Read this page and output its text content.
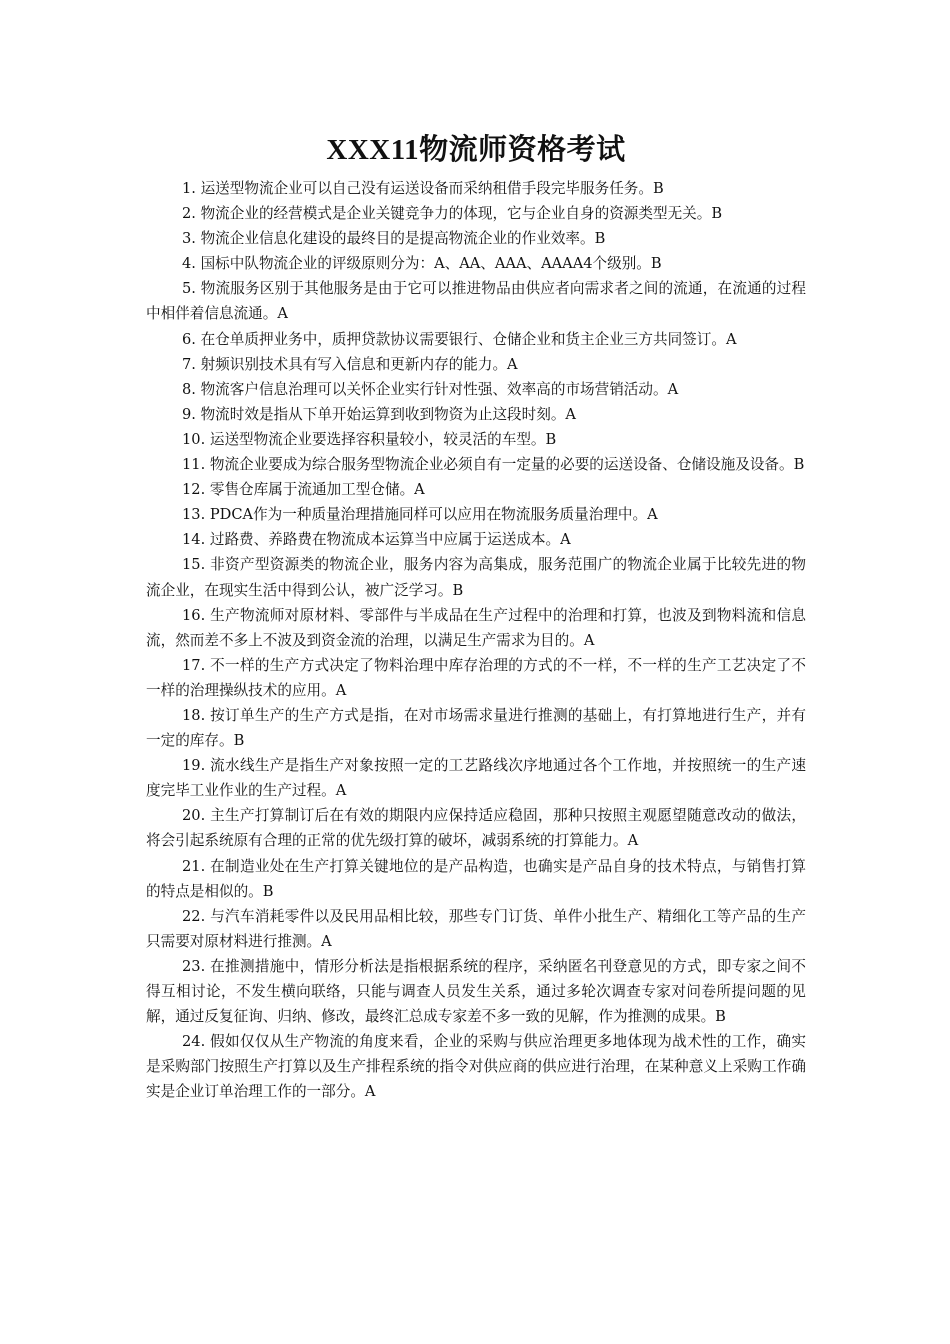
XXX11物流师资格考试

1. 运送型物流企业可以自己没有运送设备而采纳租借手段完毕服务任务。B

2. 物流企业的经营模式是企业关键竞争力的体现，它与企业自身的资源类型无关。B

3. 物流企业信息化建设的最终目的是提高物流企业的作业效率。B

4. 国标中队物流企业的评级原则分为：A、AA、AAA、AAAA4个级别。B

5. 物流服务区别于其他服务是由于它可以推进物品由供应者向需求者之间的流通，在流通的过程中相伴着信息流通。A

6. 在仓单质押业务中，质押贷款协议需要银行、仓储企业和货主企业三方共同签订。A

7. 射频识别技术具有写入信息和更新内存的能力。A

8. 物流客户信息治理可以关怀企业实行针对性强、效率高的市场营销活动。A

9. 物流时效是指从下单开始运算到收到物资为止这段时刻。A

10. 运送型物流企业要选择容积量较小，较灵活的车型。B

11. 物流企业要成为综合服务型物流企业必须自有一定量的必要的运送设备、仓储设施及设备。B

12. 零售仓库属于流通加工型仓储。A

13. PDCA作为一种质量治理措施同样可以应用在物流服务质量治理中。A

14. 过路费、养路费在物流成本运算当中应属于运送成本。A

15. 非资产型资源类的物流企业，服务内容为高集成，服务范围广的物流企业属于比较先进的物流企业，在现实生活中得到公认，被广泛学习。B

16. 生产物流师对原材料、零部件与半成品在生产过程中的治理和打算，也波及到物料流和信息流，然而差不多上不波及到资金流的治理，以满足生产需求为目的。A

17. 不一样的生产方式决定了物料治理中库存治理的方式的不一样，不一样的生产工艺决定了不一样的治理操纵技术的应用。A

18. 按订单生产的生产方式是指，在对市场需求量进行推测的基础上，有打算地进行生产，并有一定的库存。B

19. 流水线生产是指生产对象按照一定的工艺路线次序地通过各个工作地，并按照统一的生产速度完毕工业作业的生产过程。A

20. 主生产打算制订后在有效的期限内应保持适应稳固，那种只按照主观愿望随意改动的做法，将会引起系统原有合理的正常的优先级打算的破坏，减弱系统的打算能力。A

21. 在制造业处在生产打算关键地位的是产品构造，也确实是产品自身的技术特点，与销售打算的特点是相似的。B

22. 与汽车消耗零件以及民用品相比较，那些专门订货、单件小批生产、精细化工等产品的生产只需要对原材料进行推测。A

23. 在推测措施中，情形分析法是指根据系统的程序，采纳匿名刊登意见的方式，即专家之间不得互相讨论，不发生横向联络，只能与调查人员发生关系，通过多轮次调查专家对问卷所提问题的见解，通过反复征询、归纳、修改，最终汇总成专家差不多一致的见解，作为推测的成果。B

24. 假如仅仅从生产物流的角度来看，企业的采购与供应治理更多地体现为战术性的工作，确实是采购部门按照生产打算以及生产排程系统的指令对供应商的供应进行治理，在某种意义上采购工作确实是企业订单治理工作的一部分。A
